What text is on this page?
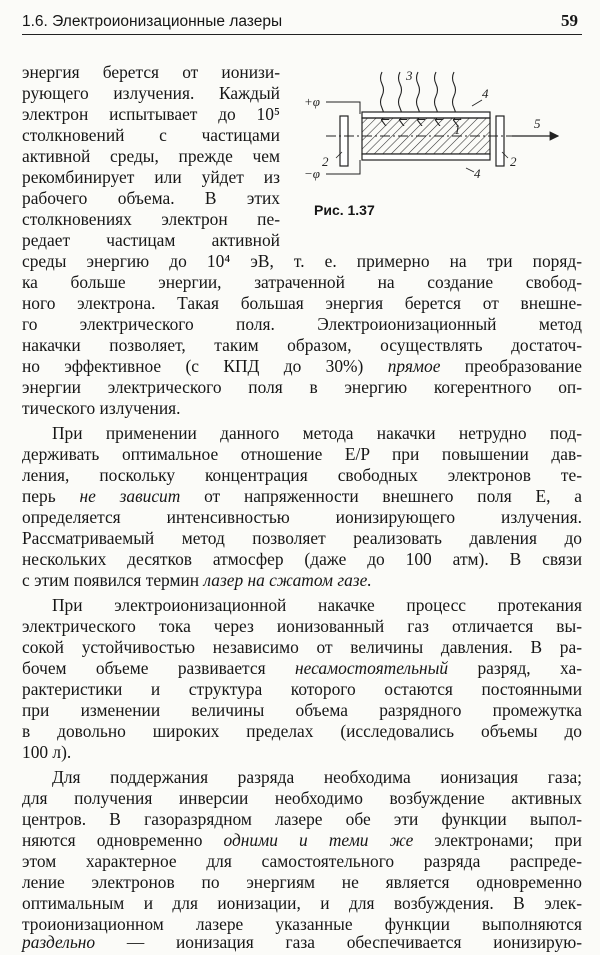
1.6. Электроионизационные лазеры	59
+φ
−φ
1
2	2
3
4
4
5
Рис. 1.37
энергия берется от ионизи-
рующего излучения. Каждый
электрон испытывает до 10⁵
столкновений с частицами
активной среды, прежде чем
рекомбинирует или уйдет из
рабочего объема. В этих
столкновениях электрон пе-
редает частицам активной
среды энергию до 10⁴ эВ, т. е. примерно на три поряд-
ка больше энергии, затраченной на создание свобод-
ного электрона. Такая большая энергия берется от внешне-
го электрического поля. Электроионизационный метод
накачки позволяет, таким образом, осуществлять достаточ-
но эффективное (с КПД до 30%) прямое преобразование
энергии электрического поля в энергию когерентного оп-
тического излучения.
При применении данного метода накачки нетрудно под-
держивать оптимальное отношение E/P при повышении дав-
ления, поскольку концентрация свободных электронов те-
перь не зависит от напряженности внешнего поля E, а
определяется интенсивностью ионизирующего излучения.
Рассматриваемый метод позволяет реализовать давления до
нескольких десятков атмосфер (даже до 100 атм). В связи
с этим появился термин лазер на сжатом газе.
При электроионизационной накачке процесс протекания
электрического тока через ионизованный газ отличается вы-
сокой устойчивостью независимо от величины давления. В ра-
бочем объеме развивается несамостоятельный разряд, ха-
рактеристики и структура которого остаются постоянными
при изменении величины объема разрядного промежутка
в довольно широких пределах (исследовались объемы до
100 л).
Для поддержания разряда необходима ионизация газа;
для получения инверсии необходимо возбуждение активных
центров. В газоразрядном лазере обе эти функции выпол-
няются одновременно одними и теми же электронами; при
этом характерное для самостоятельного разряда распреде-
ление электронов по энергиям не является одновременно
оптимальным и для ионизации, и для возбуждения. В элек-
троионизационном лазере указанные функции выполняются
раздельно — ионизация газа обеспечивается ионизирую-
